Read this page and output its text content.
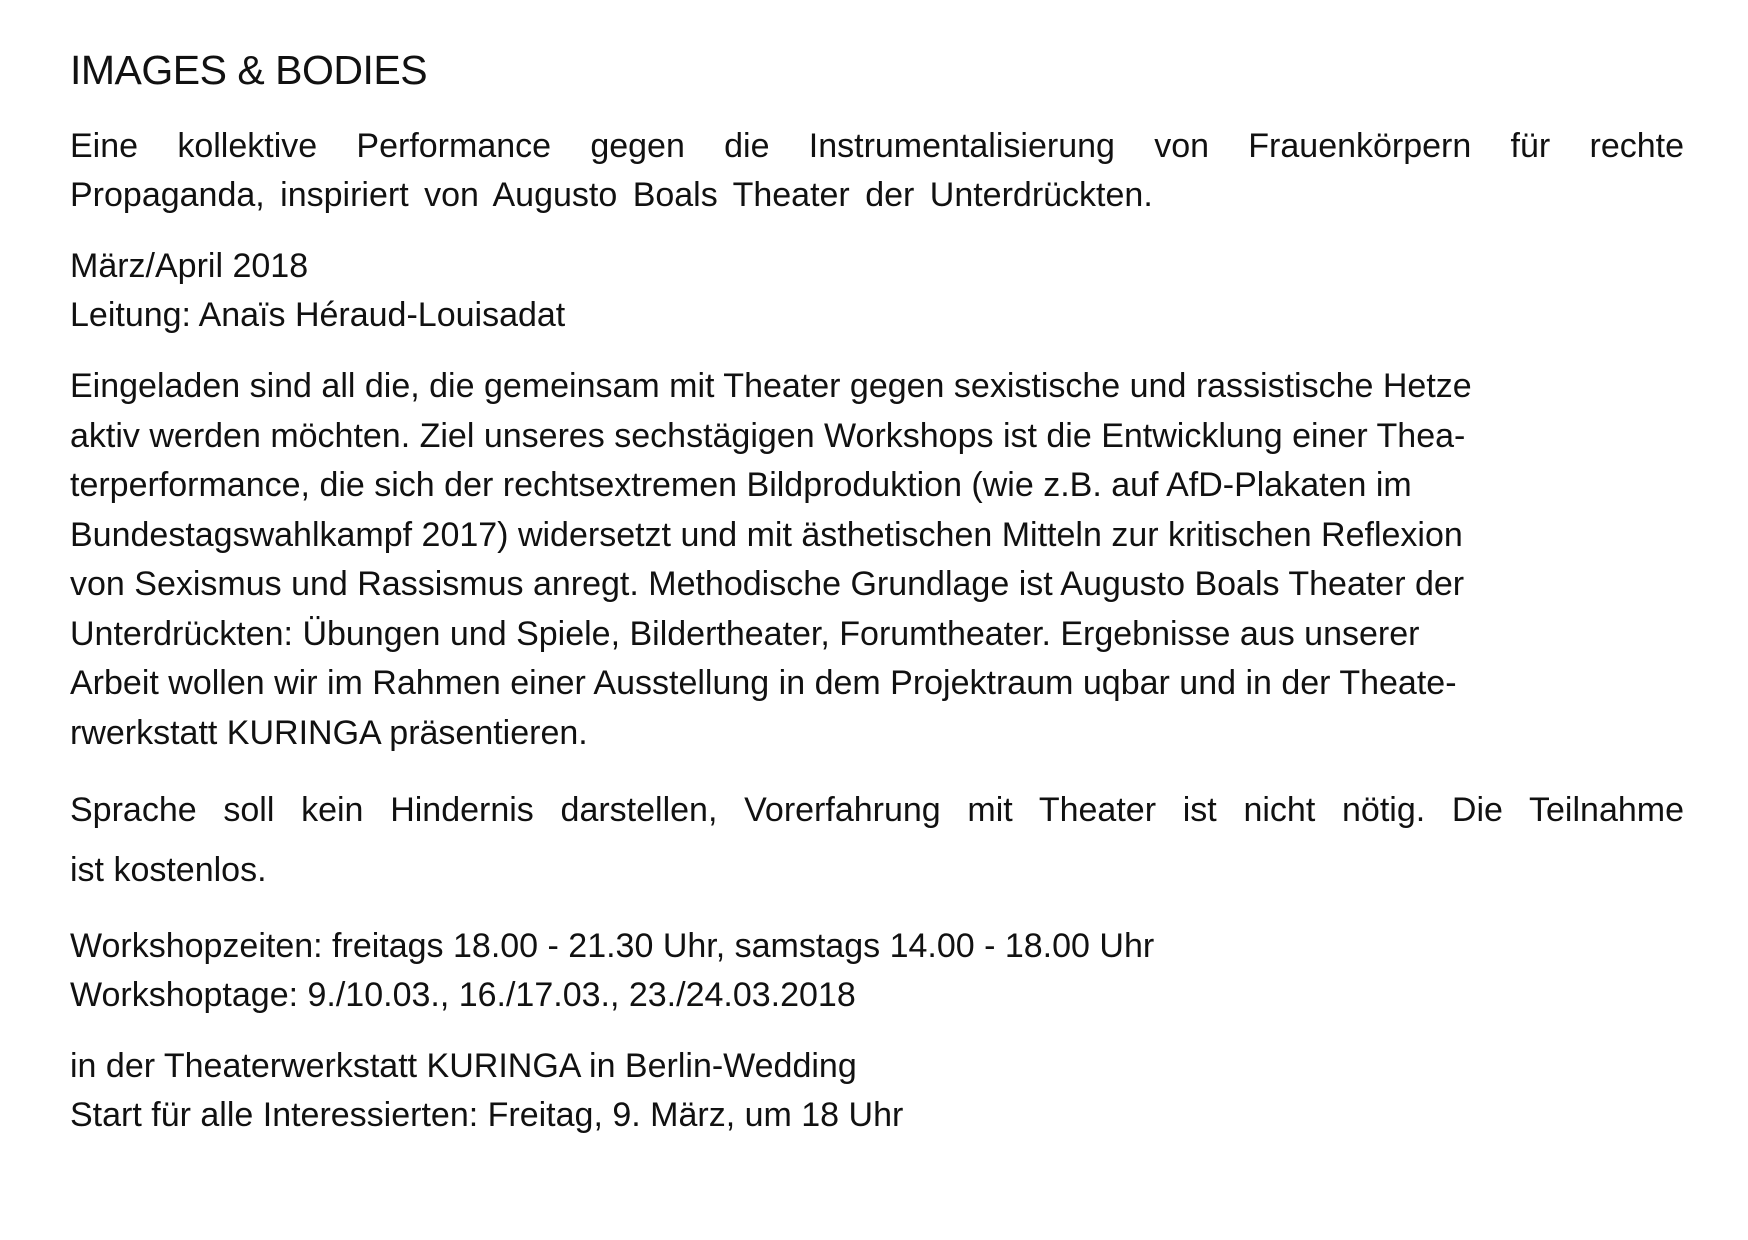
IMAGES & BODIES

Eine kollektive Performance gegen die Instrumentalisierung von Frauenkörpern für rechte
Propaganda, inspiriert von Augusto Boals Theater der Unterdrückten.

März/April 2018
Leitung: Anaïs Héraud-Louisadat

Eingeladen sind all die, die gemeinsam mit Theater gegen sexistische und rassistische Hetze
aktiv werden möchten. Ziel unseres sechstägigen Workshops ist die Entwicklung einer Thea-
terperformance, die sich der rechtsextremen Bildproduktion (wie z.B. auf AfD-Plakaten im
Bundestagswahlkampf 2017) widersetzt und mit ästhetischen Mitteln zur kritischen Reflexion
von Sexismus und Rassismus anregt. Methodische Grundlage ist Augusto Boals Theater der
Unterdrückten: Übungen und Spiele, Bildertheater, Forumtheater. Ergebnisse aus unserer
Arbeit wollen wir im Rahmen einer Ausstellung in dem Projektraum uqbar und in der Theate-
rwerkstatt KURINGA präsentieren.

Sprache soll kein Hindernis darstellen, Vorerfahrung mit Theater ist nicht nötig. Die Teilnahme
ist kostenlos.

Workshopzeiten: freitags 18.00 - 21.30 Uhr, samstags 14.00 - 18.00 Uhr
Workshoptage: 9./10.03., 16./17.03., 23./24.03.2018

in der Theaterwerkstatt KURINGA in Berlin-Wedding
Start für alle Interessierten: Freitag, 9. März, um 18 Uhr
